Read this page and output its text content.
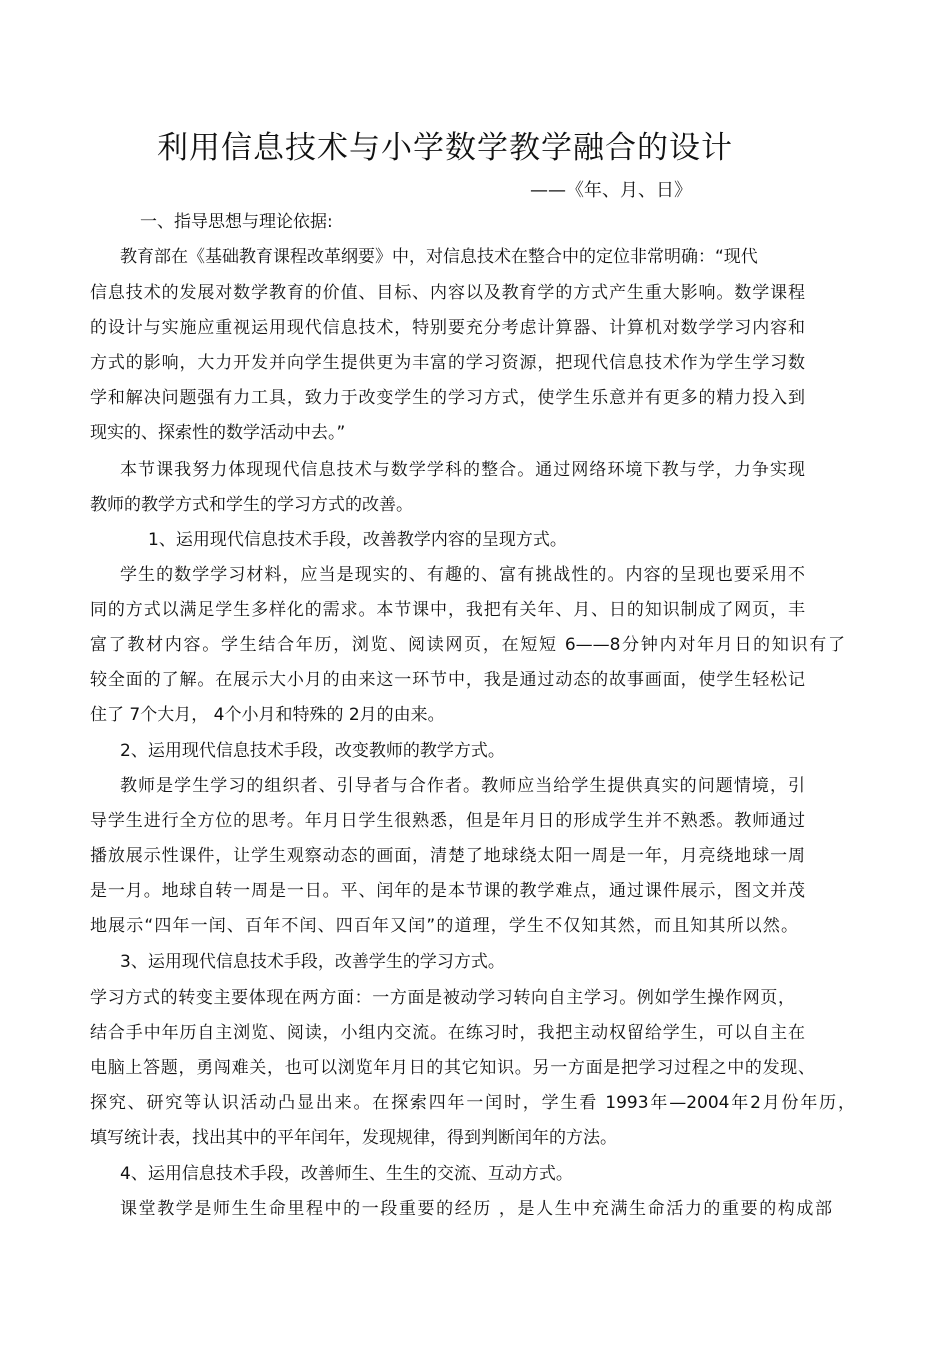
利用信息技术与小学数学教学融合的设计
——《年、月、日》
一、指导思想与理论依据:
教育部在《基础教育课程改革纲要》中，对信息技术在整合中的定位非常明确：“现代
信息技术的发展对数学教育的价值、目标、内容以及教育学的方式产生重大影响。数学课程
的设计与实施应重视运用现代信息技术，特别要充分考虑计算器、计算机对数学学习内容和
方式的影响，大力开发并向学生提供更为丰富的学习资源，把现代信息技术作为学生学习数
学和解决问题强有力工具，致力于改变学生的学习方式，使学生乐意并有更多的精力投入到
现实的、探索性的数学活动中去。”
本节课我努力体现现代信息技术与数学学科的整合。通过网络环境下教与学，力争实现
教师的教学方式和学生的学习方式的改善。
1、运用现代信息技术手段，改善教学内容的呈现方式。
学生的数学学习材料，应当是现实的、有趣的、富有挑战性的。内容的呈现也要采用不
同的方式以满足学生多样化的需求。本节课中，我把有关年、月、日的知识制成了网页，丰
富了教材内容。学生结合年历，浏览、阅读网页，在短短 6——8分钟内对年月日的知识有了
较全面的了解。在展示大小月的由来这一环节中，我是通过动态的故事画面，使学生轻松记
住了 7个大月， 4个小月和特殊的 2月的由来。
2、运用现代信息技术手段，改变教师的教学方式。
教师是学生学习的组织者、引导者与合作者。教师应当给学生提供真实的问题情境，引
导学生进行全方位的思考。年月日学生很熟悉，但是年月日的形成学生并不熟悉。教师通过
播放展示性课件，让学生观察动态的画面，清楚了地球绕太阳一周是一年，月亮绕地球一周
是一月。地球自转一周是一日。平、闰年的是本节课的教学难点，通过课件展示，图文并茂
地展示“四年一闰、百年不闰、四百年又闰”的道理，学生不仅知其然，而且知其所以然。
3、运用现代信息技术手段，改善学生的学习方式。
学习方式的转变主要体现在两方面：一方面是被动学习转向自主学习。例如学生操作网页，
结合手中年历自主浏览、阅读，小组内交流。在练习时，我把主动权留给学生，可以自主在
电脑上答题，勇闯难关，也可以浏览年月日的其它知识。另一方面是把学习过程之中的发现、
探究、研究等认识活动凸显出来。在探索四年一闰时，学生看 1993年—2004年2月份年历，
填写统计表，找出其中的平年闰年，发现规律，得到判断闰年的方法。
4、运用信息技术手段，改善师生、生生的交流、互动方式。
课堂教学是师生生命里程中的一段重要的经历 ，是人生中充满生命活力的重要的构成部
